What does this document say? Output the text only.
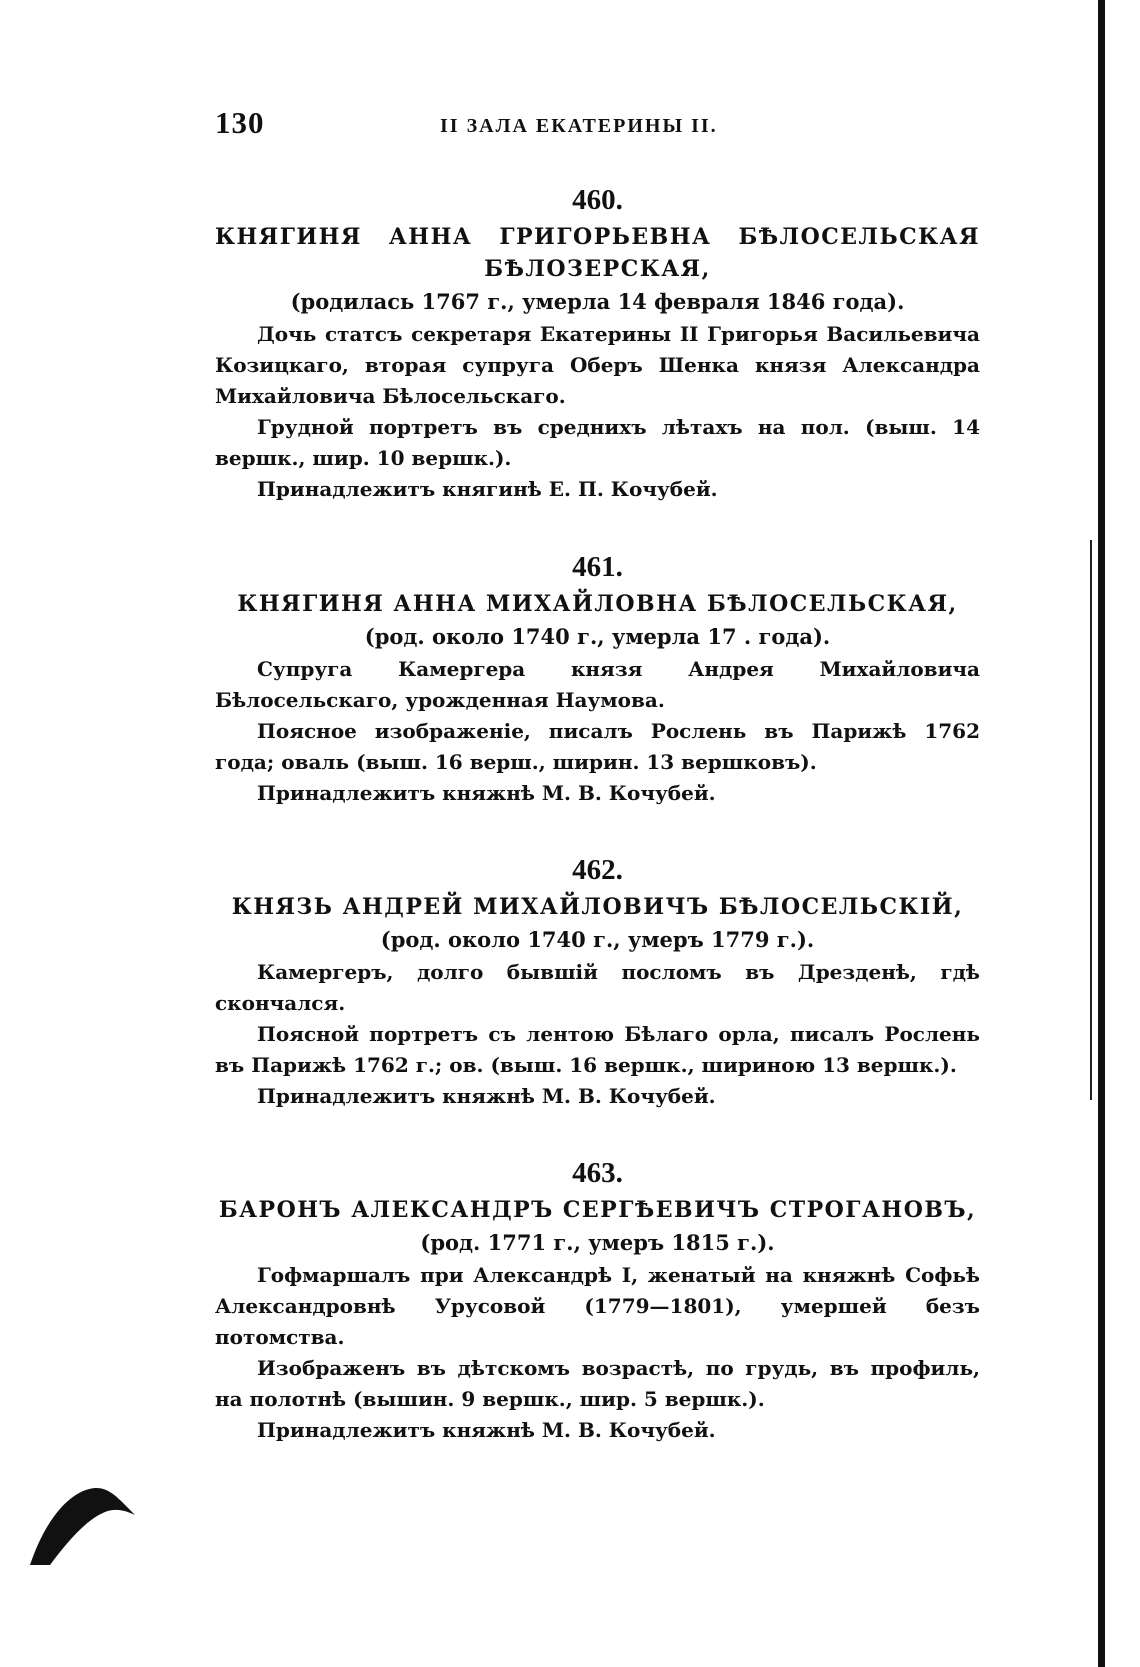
130	II ЗАЛА ЕКАТЕРИНЫ II.

460.

КНЯГИНЯ АННА ГРИГОРЬЕВНА БѢЛОСЕЛЬСКАЯ БѢЛОЗЕРСКАЯ,

(родилась 1767 г., умерла 14 февраля 1846 года).

Дочь статсъ секретаря Екатерины II Григорья Васильевича Козицкаго, вторая супруга Оберъ Шенка князя Александра Михайловича Бѣлосельскаго.

Грудной портретъ въ среднихъ лѣтахъ на пол. (выш. 14 вершк., шир. 10 вершк.).

Принадлежитъ княгинѣ Е. П. Кочубей.

461.

КНЯГИНЯ АННА МИХАЙЛОВНА БѢЛОСЕЛЬСКАЯ,

(род. около 1740 г., умерла 17 . года).

Супруга Камергера князя Андрея Михайловича Бѣлосельскаго, урожденная Наумова.

Поясное изображеніе, писалъ Рослень въ Парижѣ 1762 года; оваль (выш. 16 верш., ширин. 13 вершковъ).

Принадлежитъ княжнѣ М. В. Кочубей.

462.

КНЯЗЬ АНДРЕЙ МИХАЙЛОВИЧЪ БѢЛОСЕЛЬСКІЙ,

(род. около 1740 г., умеръ 1779 г.).

Камергеръ, долго бывшій посломъ въ Дрезденѣ, гдѣ скончался.

Поясной портретъ съ лентою Бѣлаго орла, писалъ Рослень въ Парижѣ 1762 г.; ов. (выш. 16 вершк., шириною 13 вершк.).

Принадлежитъ княжнѣ М. В. Кочубей.

463.

БАРОНЪ АЛЕКСАНДРЪ СЕРГѢЕВИЧЪ СТРОГАНОВЪ,

(род. 1771 г., умеръ 1815 г.).

Гофмаршалъ при Александрѣ I, женатый на княжнѣ Софьѣ Александровнѣ Урусовой (1779—1801), умершей безъ потомства.

Изображенъ въ дѣтскомъ возрастѣ, по грудь, въ профиль, на полотнѣ (вышин. 9 вершк., шир. 5 вершк.).

Принадлежитъ княжнѣ М. В. Кочубей.
